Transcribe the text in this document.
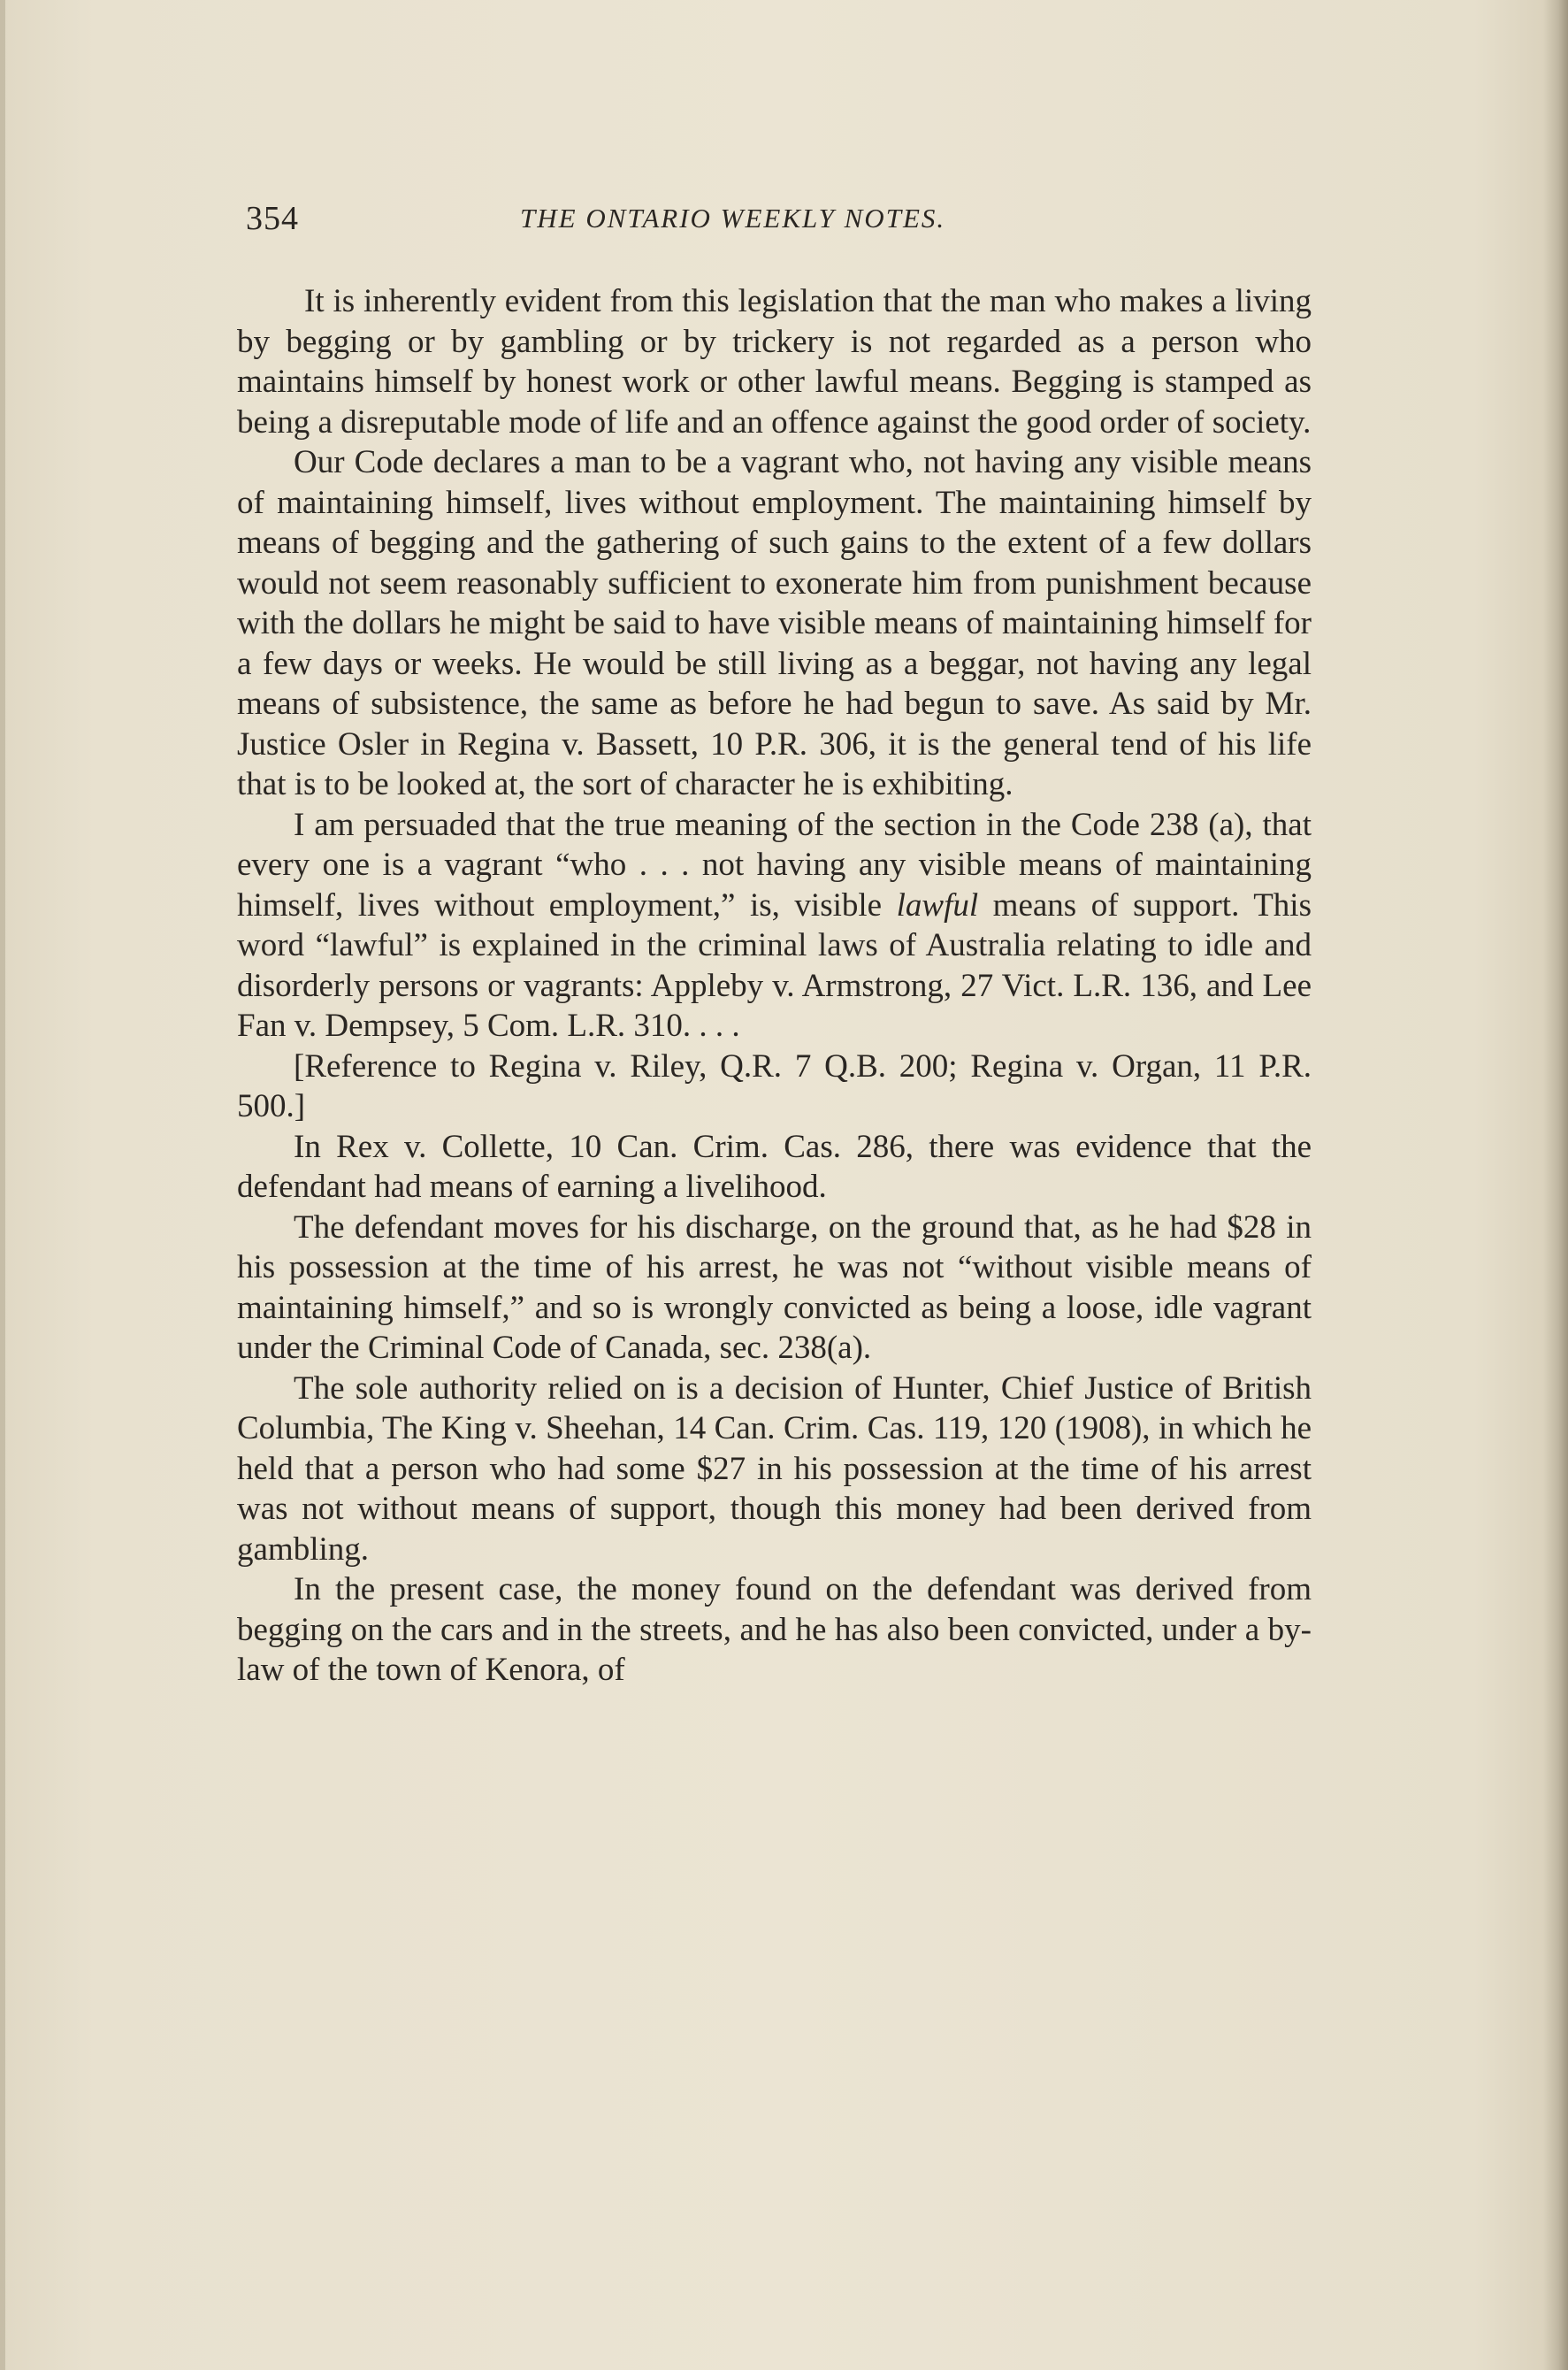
354	THE ONTARIO WEEKLY NOTES.

It is inherently evident from this legislation that the man who makes a living by begging or by gambling or by trickery is not regarded as a person who maintains himself by honest work or other lawful means. Begging is stamped as being a disreputable mode of life and an offence against the good order of society.

Our Code declares a man to be a vagrant who, not having any visible means of maintaining himself, lives without employment. The maintaining himself by means of begging and the gathering of such gains to the extent of a few dollars would not seem reasonably sufficient to exonerate him from punishment because with the dollars he might be said to have visible means of maintaining himself for a few days or weeks. He would be still living as a beggar, not having any legal means of subsistence, the same as before he had begun to save. As said by Mr. Justice Osler in Regina v. Bassett, 10 P.R. 306, it is the general tend of his life that is to be looked at, the sort of character he is exhibiting.

I am persuaded that the true meaning of the section in the Code 238 (a), that every one is a vagrant “who . . . not having any visible means of maintaining himself, lives without employment,” is, visible lawful means of support. This word “lawful” is explained in the criminal laws of Australia relating to idle and disorderly persons or vagrants: Appleby v. Armstrong, 27 Vict. L.R. 136, and Lee Fan v. Dempsey, 5 Com. L.R. 310. . . .

[Reference to Regina v. Riley, Q.R. 7 Q.B. 200; Regina v. Organ, 11 P.R. 500.]

In Rex v. Collette, 10 Can. Crim. Cas. 286, there was evidence that the defendant had means of earning a livelihood.

The defendant moves for his discharge, on the ground that, as he had $28 in his possession at the time of his arrest, he was not “without visible means of maintaining himself,” and so is wrongly convicted as being a loose, idle vagrant under the Criminal Code of Canada, sec. 238(a).

The sole authority relied on is a decision of Hunter, Chief Justice of British Columbia, The King v. Sheehan, 14 Can. Crim. Cas. 119, 120 (1908), in which he held that a person who had some $27 in his possession at the time of his arrest was not without means of support, though this money had been derived from gambling.

In the present case, the money found on the defendant was derived from begging on the cars and in the streets, and he has also been convicted, under a by-law of the town of Kenora, of
